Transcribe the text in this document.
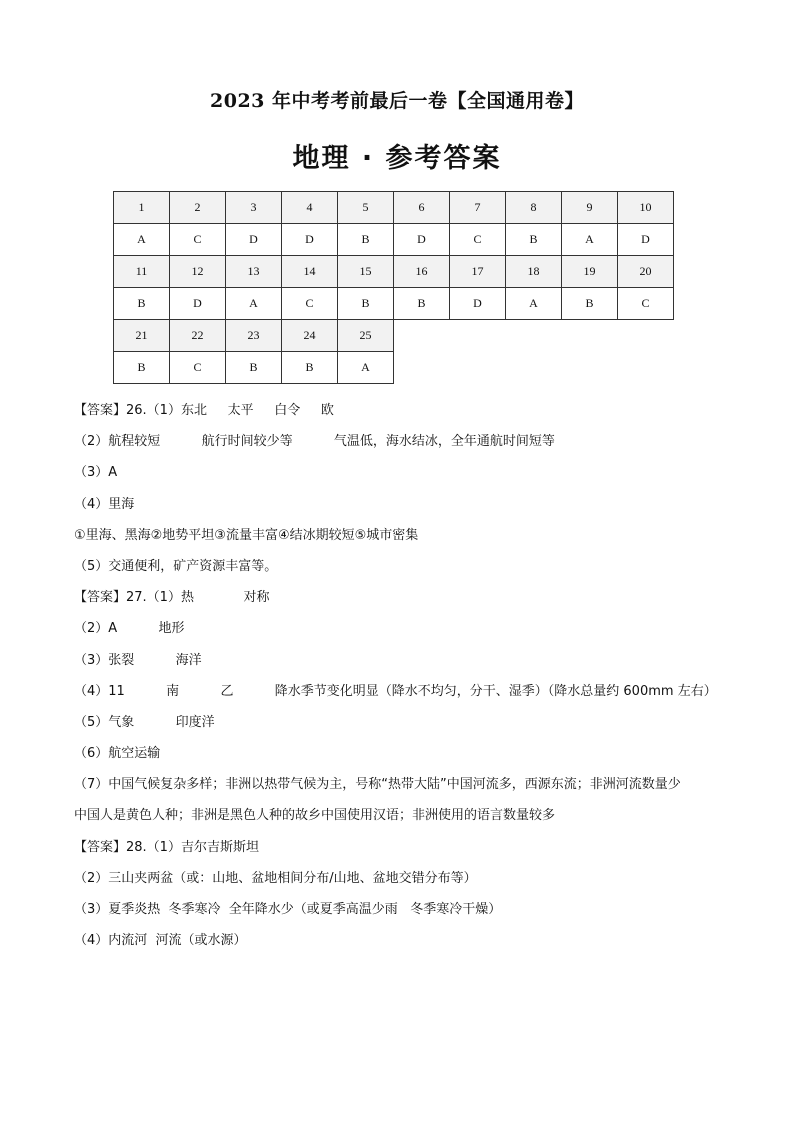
2023 年中考考前最后一卷【全国通用卷】
地理 · 参考答案
1	2	3	4	5	6	7	8	9	10
A	C	D	D	B	D	C	B	A	D
11	12	13	14	15	16	17	18	19	20
B	D	A	C	B	B	D	A	B	C
21	22	23	24	25					
B	C	B	B	A					
【答案】26.（1）东北     太平     白令     欧
（2）航程较短          航行时间较少等          气温低，海水结冰，全年通航时间短等
（3）A
（4）里海
①里海、黑海②地势平坦③流量丰富④结冰期较短⑤城市密集
（5）交通便利，矿产资源丰富等。
【答案】27.（1）热            对称
（2）A          地形
（3）张裂          海洋
（4）11          南          乙          降水季节变化明显（降水不均匀，分干、湿季）（降水总量约 600mm 左右）
（5）气象          印度洋
（6）航空运输
（7）中国气候复杂多样；非洲以热带气候为主，号称“热带大陆”中国河流多，西源东流；非洲河流数量少
中国人是黄色人种；非洲是黑色人种的故乡中国使用汉语；非洲使用的语言数量较多
【答案】28.（1）吉尔吉斯斯坦
（2）三山夹两盆（或：山地、盆地相间分布/山地、盆地交错分布等）
（3）夏季炎热  冬季寒冷  全年降水少（或夏季高温少雨   冬季寒冷干燥）
（4）内流河  河流（或水源）
